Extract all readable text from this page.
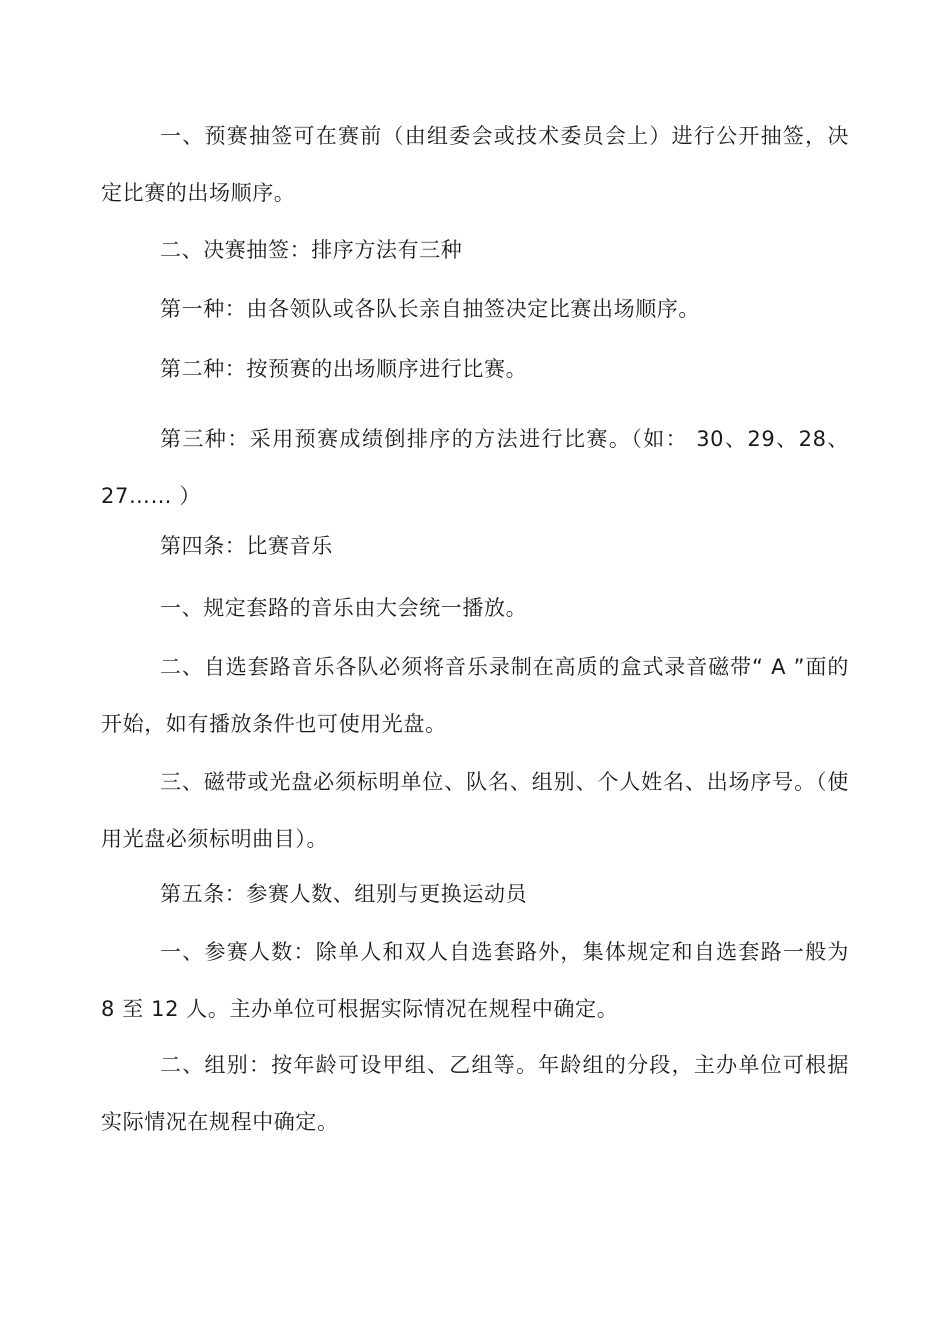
一、预赛抽签可在赛前（由组委会或技术委员会上）进行公开抽签，决定比赛的出场顺序。

二、决赛抽签：排序方法有三种

第一种：由各领队或各队长亲自抽签决定比赛出场顺序。

第二种：按预赛的出场顺序进行比赛。

第三种：采用预赛成绩倒排序的方法进行比赛。（如： 30、29、28、27…… ）

第四条：比赛音乐

一、规定套路的音乐由大会统一播放。

二、自选套路音乐各队必须将音乐录制在高质的盒式录音磁带“ A ”面的开始，如有播放条件也可使用光盘。

三、磁带或光盘必须标明单位、队名、组别、个人姓名、出场序号。（使用光盘必须标明曲目）。

第五条：参赛人数、组别与更换运动员

一、参赛人数：除单人和双人自选套路外，集体规定和自选套路一般为 8 至 12 人。主办单位可根据实际情况在规程中确定。

二、组别：按年龄可设甲组、乙组等。年龄组的分段，主办单位可根据实际情况在规程中确定。
